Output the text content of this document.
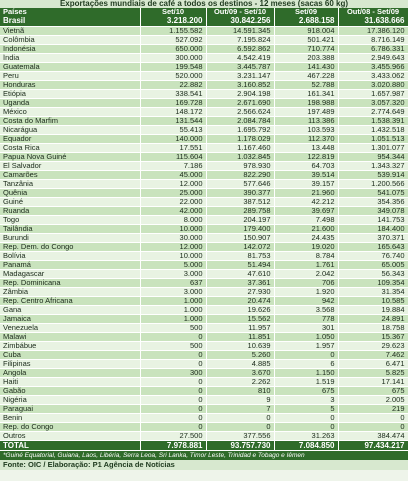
Exportações mundiais de café a todos os destinos - 12 meses (sacas 60 kg)
Países	Set/10	Out/09 - Set/10	Set/09	Out/08 - Set/09
Brasil	3.218.200	30.842.256	2.688.158	31.638.666
Vietnã	1.155.582	14.591.345	918.004	17.386.120
Colômbia	527.092	7.195.824	501.421	8.716.149
Indonésia	650.000	6.592.862	710.774	6.786.331
Índia	300.000	4.542.419	203.388	2.949.643
Guatemala	199.548	3.445.787	141.430	3.455.966
Peru	520.000	3.231.147	467.228	3.433.062
Honduras	22.882	3.160.852	52.788	3.020.880
Etiópia	338.541	2.904.198	161.341	1.657.987
Uganda	169.728	2.671.690	198.988	3.057.320
México	148.172	2.566.624	197.489	2.774.649
Costa do Marfim	131.544	2.084.784	113.386	1.538.391
Nicarágua	55.413	1.695.792	103.593	1.432.518
Equador	140.000	1.178.029	112.370	1.051.513
Costa Rica	17.551	1.167.460	13.448	1.301.077
Papua Nova Guiné	115.604	1.032.845	122.819	954.344
El Salvador	7.186	978.930	64.703	1.343.327
Camarões	45.000	822.290	39.514	539.914
Tanzânia	12.000	577.646	39.157	1.200.566
Quênia	25.000	390.377	21.960	541.075
Guiné	22.000	387.512	42.212	354.356
Ruanda	42.000	289.758	39.697	349.078
Togo	8.000	204.197	7.498	141.753
Tailândia	10.000	179.400	21.600	184.400
Burundi	30.000	150.907	24.435	370.371
Rep. Dem. do Congo	12.000	142.072	19.020	165.643
Bolívia	10.000	81.753	8.784	76.740
Panamá	5.000	51.494	1.761	65.005
Madagascar	3.000	47.610	2.042	56.343
Rep. Dominicana	637	37.361	706	109.354
Zâmbia	3.000	27.930	1.920	31.354
Rep. Centro Africana	1.000	20.474	942	10.585
Gana	1.000	19.626	3.568	19.884
Jamaica	1.000	15.562	778	24.891
Venezuela	500	11.957	301	18.758
Malawi	0	11.851	1.050	15.367
Zimbábue	500	10.639	1.957	29.623
Cuba	0	5.260	0	7.462
Filipinas	0	4.885	6	6.471
Angola	300	3.670	1.150	5.825
Haiti	0	2.262	1.519	17.141
Gabão	0	810	675	675
Nigéria	0	9	3	2.005
Paraguai	0	7	5	219
Benin	0	0	0	0
Rep. do Congo	0	0	0	0
Outros	27.500	377.556	31.263	384.474
TOTAL	7.978.881	93.757.730	7.084.850	97.434.217
*Guiné Equatorial, Guiana, Laos, Libéria, Serra Leoa, Sri Lanka, Timor Leste, Trinidad e Tobago e Iêmen
Fonte: OIC / Elaboração: P1 Agência de Notícias
